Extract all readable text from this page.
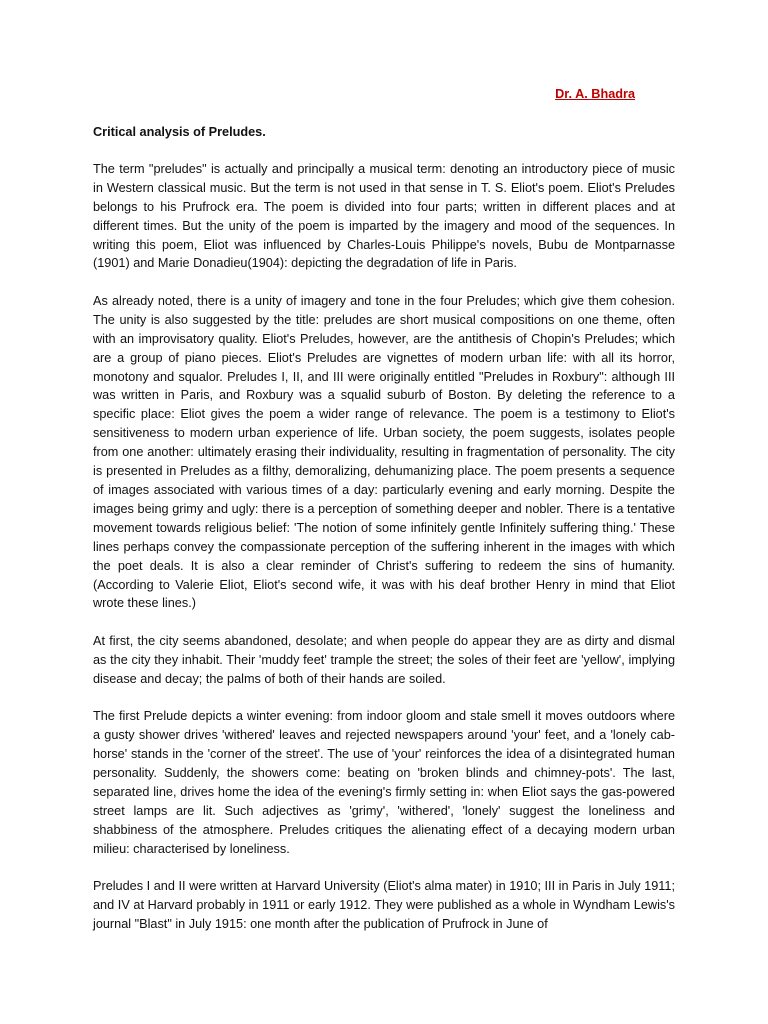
Dr. A. Bhadra
Critical analysis of Preludes.

The term "preludes" is actually and principally a musical term: denoting an introductory piece of music in Western classical music. But the term is not used in that sense in T. S. Eliot's poem. Eliot's Preludes belongs to his Prufrock era. The poem is divided into four parts; written in different places and at different times. But the unity of the poem is imparted by the imagery and mood of the sequences. In writing this poem, Eliot was influenced by Charles-Louis Philippe's novels, Bubu de Montparnasse (1901) and Marie Donadieu(1904): depicting the degradation of life in Paris.

As already noted, there is a unity of imagery and tone in the four Preludes; which give them cohesion. The unity is also suggested by the title: preludes are short musical compositions on one theme, often with an improvisatory quality. Eliot's Preludes, however, are the antithesis of Chopin's Preludes; which are a group of piano pieces. Eliot's Preludes are vignettes of modern urban life: with all its horror, monotony and squalor. Preludes I, II, and III were originally entitled "Preludes in Roxbury": although III was written in Paris, and Roxbury was a squalid suburb of Boston. By deleting the reference to a specific place: Eliot gives the poem a wider range of relevance. The poem is a testimony to Eliot's sensitiveness to modern urban experience of life. Urban society, the poem suggests, isolates people from one another: ultimately erasing their individuality, resulting in fragmentation of personality. The city is presented in Preludes as a filthy, demoralizing, dehumanizing place. The poem presents a sequence of images associated with various times of a day: particularly evening and early morning. Despite the images being grimy and ugly: there is a perception of something deeper and nobler. There is a tentative movement towards religious belief: 'The notion of some infinitely gentle Infinitely suffering thing.' These lines perhaps convey the compassionate perception of the suffering inherent in the images with which the poet deals. It is also a clear reminder of Christ's suffering to redeem the sins of humanity. (According to Valerie Eliot, Eliot's second wife, it was with his deaf brother Henry in mind that Eliot wrote these lines.)

At first, the city seems abandoned, desolate; and when people do appear they are as dirty and dismal as the city they inhabit. Their 'muddy feet' trample the street; the soles of their feet are 'yellow', implying disease and decay; the palms of both of their hands are soiled.

The first Prelude depicts a winter evening: from indoor gloom and stale smell it moves outdoors where a gusty shower drives 'withered' leaves and rejected newspapers around 'your' feet, and a 'lonely cab-horse' stands in the 'corner of the street'. The use of 'your' reinforces the idea of a disintegrated human personality. Suddenly, the showers come: beating on 'broken blinds and chimney-pots'. The last, separated line, drives home the idea of the evening's firmly setting in: when Eliot says the gas-powered street lamps are lit. Such adjectives as 'grimy', 'withered', 'lonely' suggest the loneliness and shabbiness of the atmosphere. Preludes critiques the alienating effect of a decaying modern urban milieu: characterised by loneliness.

Preludes I and II were written at Harvard University (Eliot's alma mater) in 1910; III in Paris in July 1911; and IV at Harvard probably in 1911 or early 1912. They were published as a whole in Wyndham Lewis's journal "Blast" in July 1915: one month after the publication of Prufrock in June of
